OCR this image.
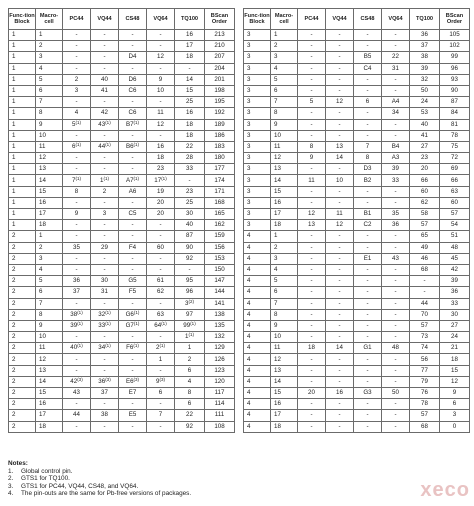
Func-tion Block	Macro-cell	PC44	VQ44	CS48	VQ64	TQ100	BScan Order
1	1	-	-	-	-	16	213
1	2	-	-	-	-	17	210
1	3	-	-	D4	12	18	207
1	4	-	-	-	-	-	204
1	5	2	40	D6	9	14	201
1	6	3	41	C6	10	15	198
1	7	-	-	-	-	25	195
1	8	4	42	C6	11	16	192
1	9	5$^{(1)}$	43$^{(1)}$	B7$^{(1)}$	12	18	189
1	10	-	-	-	-	18	186
1	11	6$^{(1)}$	44$^{(1)}$	B6$^{(1)}$	16	22	183
1	12	-	-	-	18	28	180
1	13	-	-	-	23	33	177
1	14	7$^{(1)}$	1$^{(1)}$	A7$^{(1)}$	17$^{(1)}$	-	174
1	15	8	2	A6	19	23	171
1	16	-	-	-	20	25	168
1	17	9	3	C5	20	30	165
1	18	-	-	-	-	40	162
2	1	-	-	-	-	87	159
2	2	35	29	F4	60	90	156
2	3	-	-	-	-	92	153
2	4	-	-	-	-	-	150
2	5	36	30	G5	61	95	147
2	6	37	31	F5	62	96	144
2	7	-	-	-	-	3$^{(2)}$	141
2	8	38$^{(1)}$	32$^{(1)}$	G6$^{(1)}$	63	97	138
2	9	39$^{(1)}$	33$^{(1)}$	G7$^{(1)}$	64$^{(1)}$	99$^{(1)}$	135
2	10	-	-	-	-	1$^{(1)}$	132
2	11	40$^{(1)}$	34$^{(1)}$	F6$^{(1)}$	2$^{(1)}$	1	129
2	12	-	-	-	1	2	126
2	13	-	-	-	-	6	123
2	14	42$^{(3)}$	36$^{(3)}$	E6$^{(3)}$	9$^{(3)}$	4	120
2	15	43	37	E7	6	8	117
2	16	-	-	-	-	6	114
2	17	44	38	E5	7	22	111
2	18	-	-	-	-	92	108
Func-tion Block	Macro-cell	PC44	VQ44	CS48	VQ64	TQ100	BScan Order
3	1	-	-	-	-	36	105
3	2	-	-	-	-	37	102
3	3	-	-	B5	22	38	99
3	4	-	-	C4	31	39	96
3	5	-	-	-	-	32	93
3	6	-	-	-	-	50	90
3	7	5	12	6	A4	24	87
3	8	-	-	-	34	53	84
3	9	-	-	-	-	40	81
3	10	-	-	-	-	41	78
3	11	8	13	7	B4	27	75
3	12	9	14	8	A3	23	72
3	13	-	-	D3	39	20	69
3	14	11	10	B2	33	66	66
3	15	-	-	-	-	60	63
3	16	-	-	-	-	62	60
3	17	12	11	B1	35	58	57
3	18	13	12	C2	36	57	54
4	1	-	-	-	-	65	51
4	2	-	-	-	-	49	48
4	3	-	-	E1	43	46	45
4	4	-	-	-	-	68	42
4	5	-	-	-	-	-	39
4	6	-	-	-	-	-	36
4	7	-	-	-	-	44	33
4	8	-	-	-	-	70	30
4	9	-	-	-	-	57	27
4	10	-	-	-	-	73	24
4	11	18	14	G1	48	74	21
4	12	-	-	-	-	56	18
4	13	-	-	-	-	77	15
4	14	-	-	-	-	79	12
4	15	20	16	G3	50	76	9
4	16	-	-	-	-	78	6
4	17	-	-	-	-	57	3
4	18	-	-	-	-	68	0
Notes:
1. Global control pin.
2. GTS1 for TQ100.
3. GTS1 for PC44, VQ44, CS48, and VQ64.
4. The pin-outs are the same for Pb-free versions of packages.	xeco
